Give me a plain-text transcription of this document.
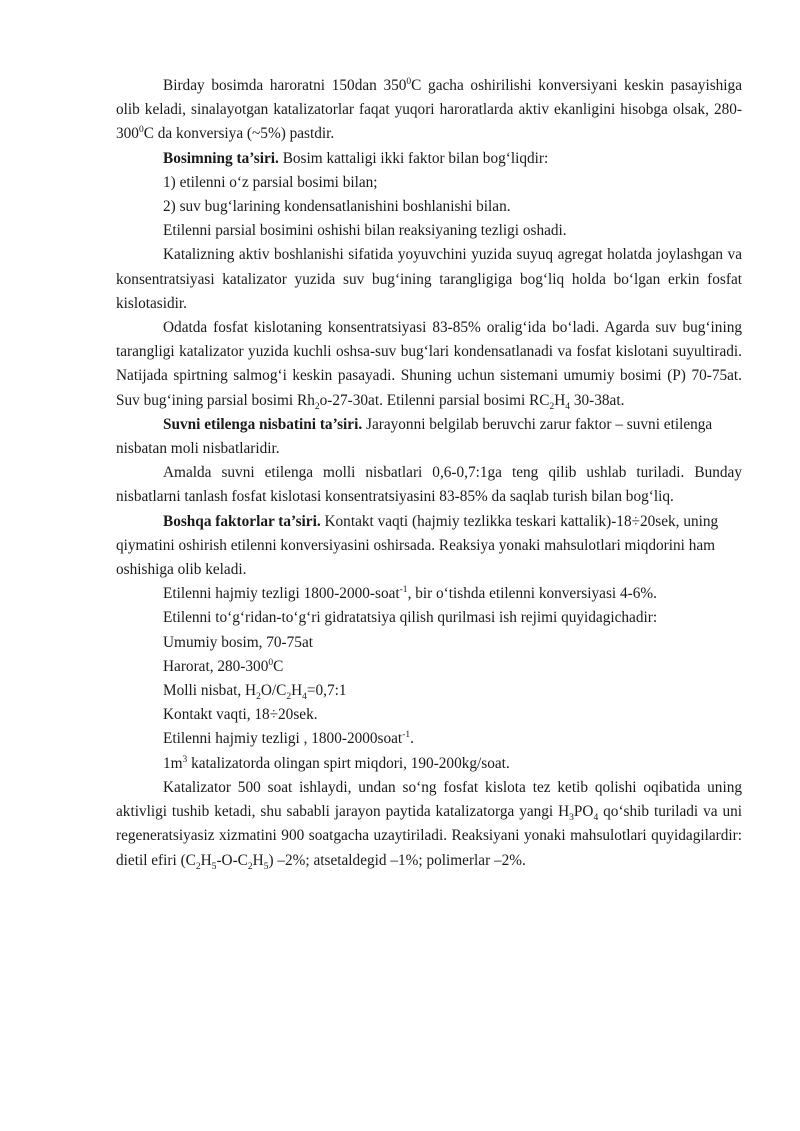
Birday bosimda haroratni 150dan $350^0C$ gacha oshirilishi konversiyani keskin pasayishiga olib keladi, sinalayotgan katalizatorlar faqat yuqori haroratlarda aktiv ekanligini hisobga olsak, $280-300^0C$ da konversiya (~5%) pastdir.

Bosimning ta’siri. Bosim kattaligi ikki faktor bilan bog‘liqdir:

1) etilenni o‘z parsial bosimi bilan;

2) suv bug‘larining kondensatlanishini boshlanishi bilan.

Etilenni parsial bosimini oshishi bilan reaksiyaning tezligi oshadi.

Katalizning aktiv boshlanishi sifatida yoyuvchini yuzida suyuq agregat holatda joylashgan va konsentratsiyasi katalizator yuzida suv bug‘ining tarangligiga bog‘liq holda bo‘lgan erkin fosfat kislotasidir.

Odatda fosfat kislotaning konsentratsiyasi 83-85% oralig‘ida bo‘ladi. Agarda suv bug‘ining tarangligi katalizator yuzida kuchli oshsa-suv bug‘lari kondensatlanadi va fosfat kislotani suyultiradi. Natijada spirtning salmog‘i keskin pasayadi. Shuning uchun sistemani umumiy bosimi (P) 70-75at. Suv bug‘ining parsial bosimi $Rh_2o-27-30at$. Etilenni parsial bosimi $RC_2H_4$ 30-38at.

Suvni etilenga nisbatini ta’siri. Jarayonni belgilab beruvchi zarur faktor – suvni etilenga nisbatan moli nisbatlaridir.

Amalda suvni etilenga molli nisbatlari 0,6-0,7:1ga teng qilib ushlab turiladi. Bunday nisbatlarni tanlash fosfat kislotasi konsentratsiyasini 83-85% da saqlab turish bilan bog‘liq.

Boshqa faktorlar ta’siri. Kontakt vaqti (hajmiy tezlikka teskari kattalik)-18÷20sek, uning qiymatini oshirish etilenni konversiyasini oshirsada. Reaksiya yonaki mahsulotlari miqdorini ham oshishiga olib keladi.

Etilenni hajmiy tezligi 1800-2000-soat$^{-1}$, bir o‘tishda etilenni konversiyasi 4-6%.

Etilenni to‘g‘ridan-to‘g‘ri gidratatsiya qilish qurilmasi ish rejimi quyidagichadir:

Umumiy bosim, 70-75at

Harorat, $280-300^0C$

Molli nisbat, $H_2O/C_2H_4=0,7:1$

Kontakt vaqti, 18÷20sek.

Etilenni hajmiy tezligi , 1800-2000soat$^{-1}$.

$1m^3$ katalizatorda olingan spirt miqdori, 190-200kg/soat.

Katalizator 500 soat ishlaydi, undan so‘ng fosfat kislota tez ketib qolishi oqibatida uning aktivligi tushib ketadi, shu sababli jarayon paytida katalizatorga yangi $H_3PO_4$ qo‘shib turiladi va uni regeneratsiyasiz xizmatini 900 soatgacha uzaytiriladi. Reaksiyani yonaki mahsulotlari quyidagilardir: dietil efiri $(C_2H_5-O-C_2H_5)$ –2%; atsetaldegid –1%; polimerlar –2%.
